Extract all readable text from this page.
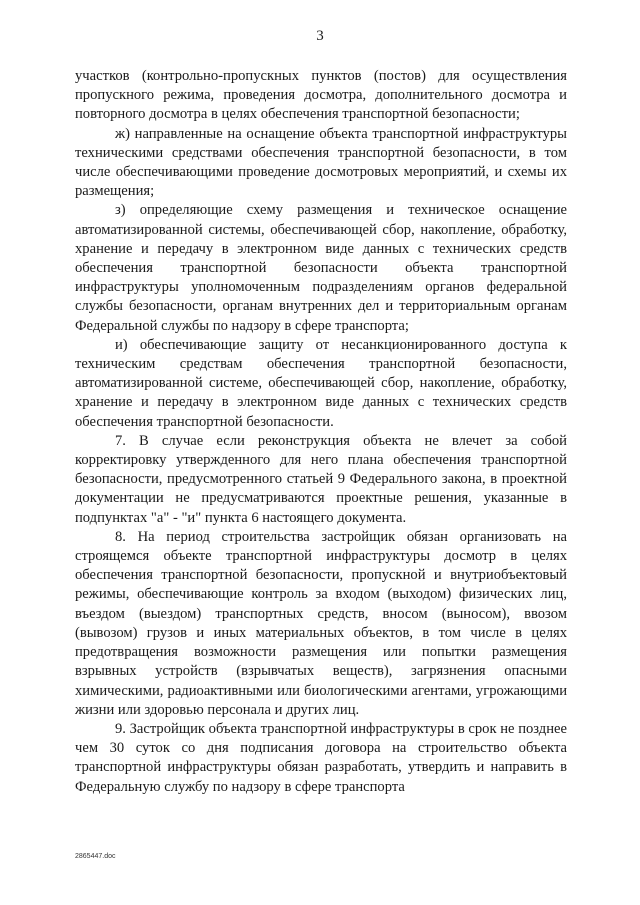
3

участков (контрольно-пропускных пунктов (постов) для осуществления пропускного режима, проведения досмотра, дополнительного досмотра и повторного досмотра в целях обеспечения транспортной безопасности;

ж) направленные на оснащение объекта транспортной инфраструктуры техническими средствами обеспечения транспортной безопасности, в том числе обеспечивающими проведение досмотровых мероприятий, и схемы их размещения;

з) определяющие схему размещения и техническое оснащение автоматизированной системы, обеспечивающей сбор, накопление, обработку, хранение и передачу в электронном виде данных с технических средств обеспечения транспортной безопасности объекта транспортной инфраструктуры уполномоченным подразделениям органов федеральной службы безопасности, органам внутренних дел и территориальным органам Федеральной службы по надзору в сфере транспорта;

и) обеспечивающие защиту от несанкционированного доступа к техническим средствам обеспечения транспортной безопасности, автоматизированной системе, обеспечивающей сбор, накопление, обработку, хранение и передачу в электронном виде данных с технических средств обеспечения транспортной безопасности.

7. В случае если реконструкция объекта не влечет за собой корректировку утвержденного для него плана обеспечения транспортной безопасности, предусмотренного статьей 9 Федерального закона, в проектной документации не предусматриваются проектные решения, указанные в подпунктах "а" - "и" пункта 6 настоящего документа.

8. На период строительства застройщик обязан организовать на строящемся объекте транспортной инфраструктуры досмотр в целях обеспечения транспортной безопасности, пропускной и внутриобъектовый режимы, обеспечивающие контроль за входом (выходом) физических лиц, въездом (выездом) транспортных средств, вносом (выносом), ввозом (вывозом) грузов и иных материальных объектов, в том числе в целях предотвращения возможности размещения или попытки размещения взрывных устройств (взрывчатых веществ), загрязнения опасными химическими, радиоактивными или биологическими агентами, угрожающими жизни или здоровью персонала и других лиц.

9. Застройщик объекта транспортной инфраструктуры в срок не позднее чем 30 суток со дня подписания договора на строительство объекта транспортной инфраструктуры обязан разработать, утвердить и направить в Федеральную службу по надзору в сфере транспорта

2865447.doc
